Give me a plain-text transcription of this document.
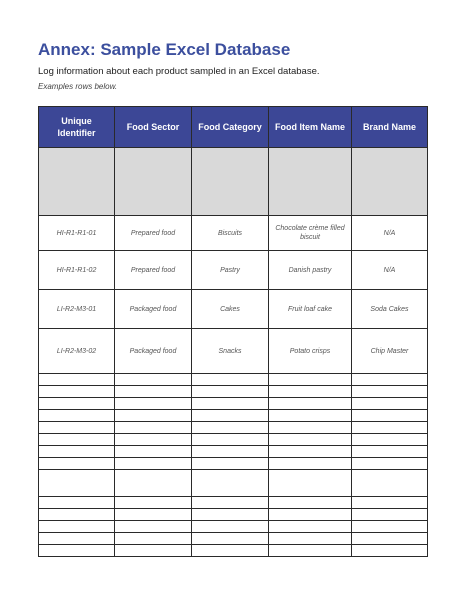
Annex: Sample Excel Database
Log information about each product sampled in an Excel database.
Examples rows below.
Unique Identifier	Food Sector	Food Category	Food Item Name	Brand Name

HI-R1-R1-01	Prepared food	Biscuits	Chocolate crème filled biscuit	N/A
HI-R1-R1-02	Prepared food	Pastry	Danish pastry	N/A
LI-R2-M3-01	Packaged food	Cakes	Fruit loaf cake	Soda Cakes
LI-R2-M3-02	Packaged food	Snacks	Potato crisps	Chip Master
